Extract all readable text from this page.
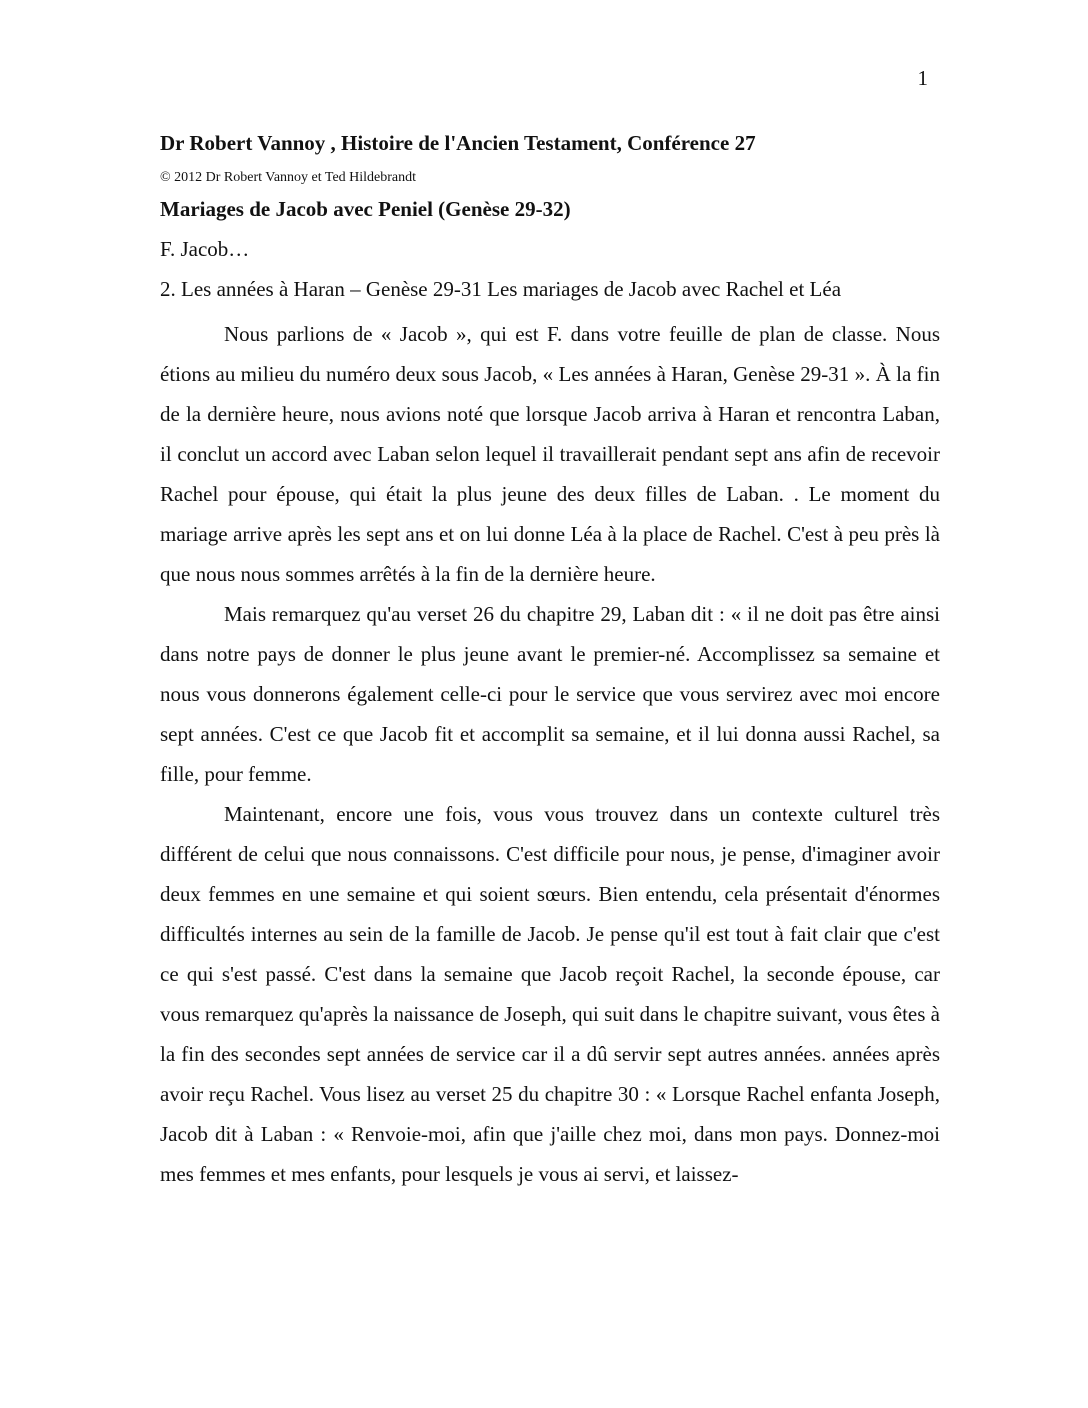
1
Dr Robert Vannoy , Histoire de l'Ancien Testament, Conférence 27
© 2012 Dr Robert Vannoy et Ted Hildebrandt
Mariages de Jacob avec Peniel (Genèse 29-32)
F. Jacob…
2. Les années à Haran – Genèse 29-31 Les mariages de Jacob avec Rachel et Léa

Nous parlions de « Jacob », qui est F. dans votre feuille de plan de classe. Nous étions au milieu du numéro deux sous Jacob, « Les années à Haran, Genèse 29-31 ». À la fin de la dernière heure, nous avions noté que lorsque Jacob arriva à Haran et rencontra Laban, il conclut un accord avec Laban selon lequel il travaillerait pendant sept ans afin de recevoir Rachel pour épouse, qui était la plus jeune des deux filles de Laban. . Le moment du mariage arrive après les sept ans et on lui donne Léa à la place de Rachel. C'est à peu près là que nous nous sommes arrêtés à la fin de la dernière heure.

Mais remarquez qu'au verset 26 du chapitre 29, Laban dit : « il ne doit pas être ainsi dans notre pays de donner le plus jeune avant le premier-né. Accomplissez sa semaine et nous vous donnerons également celle-ci pour le service que vous servirez avec moi encore sept années. C'est ce que Jacob fit et accomplit sa semaine, et il lui donna aussi Rachel, sa fille, pour femme.

Maintenant, encore une fois, vous vous trouvez dans un contexte culturel très différent de celui que nous connaissons. C'est difficile pour nous, je pense, d'imaginer avoir deux femmes en une semaine et qui soient sœurs. Bien entendu, cela présentait d'énormes difficultés internes au sein de la famille de Jacob. Je pense qu'il est tout à fait clair que c'est ce qui s'est passé. C'est dans la semaine que Jacob reçoit Rachel, la seconde épouse, car vous remarquez qu'après la naissance de Joseph, qui suit dans le chapitre suivant, vous êtes à la fin des secondes sept années de service car il a dû servir sept autres années. années après avoir reçu Rachel. Vous lisez au verset 25 du chapitre 30 : « Lorsque Rachel enfanta Joseph, Jacob dit à Laban : « Renvoie-moi, afin que j'aille chez moi, dans mon pays. Donnez-moi mes femmes et mes enfants, pour lesquels je vous ai servi, et laissez-
